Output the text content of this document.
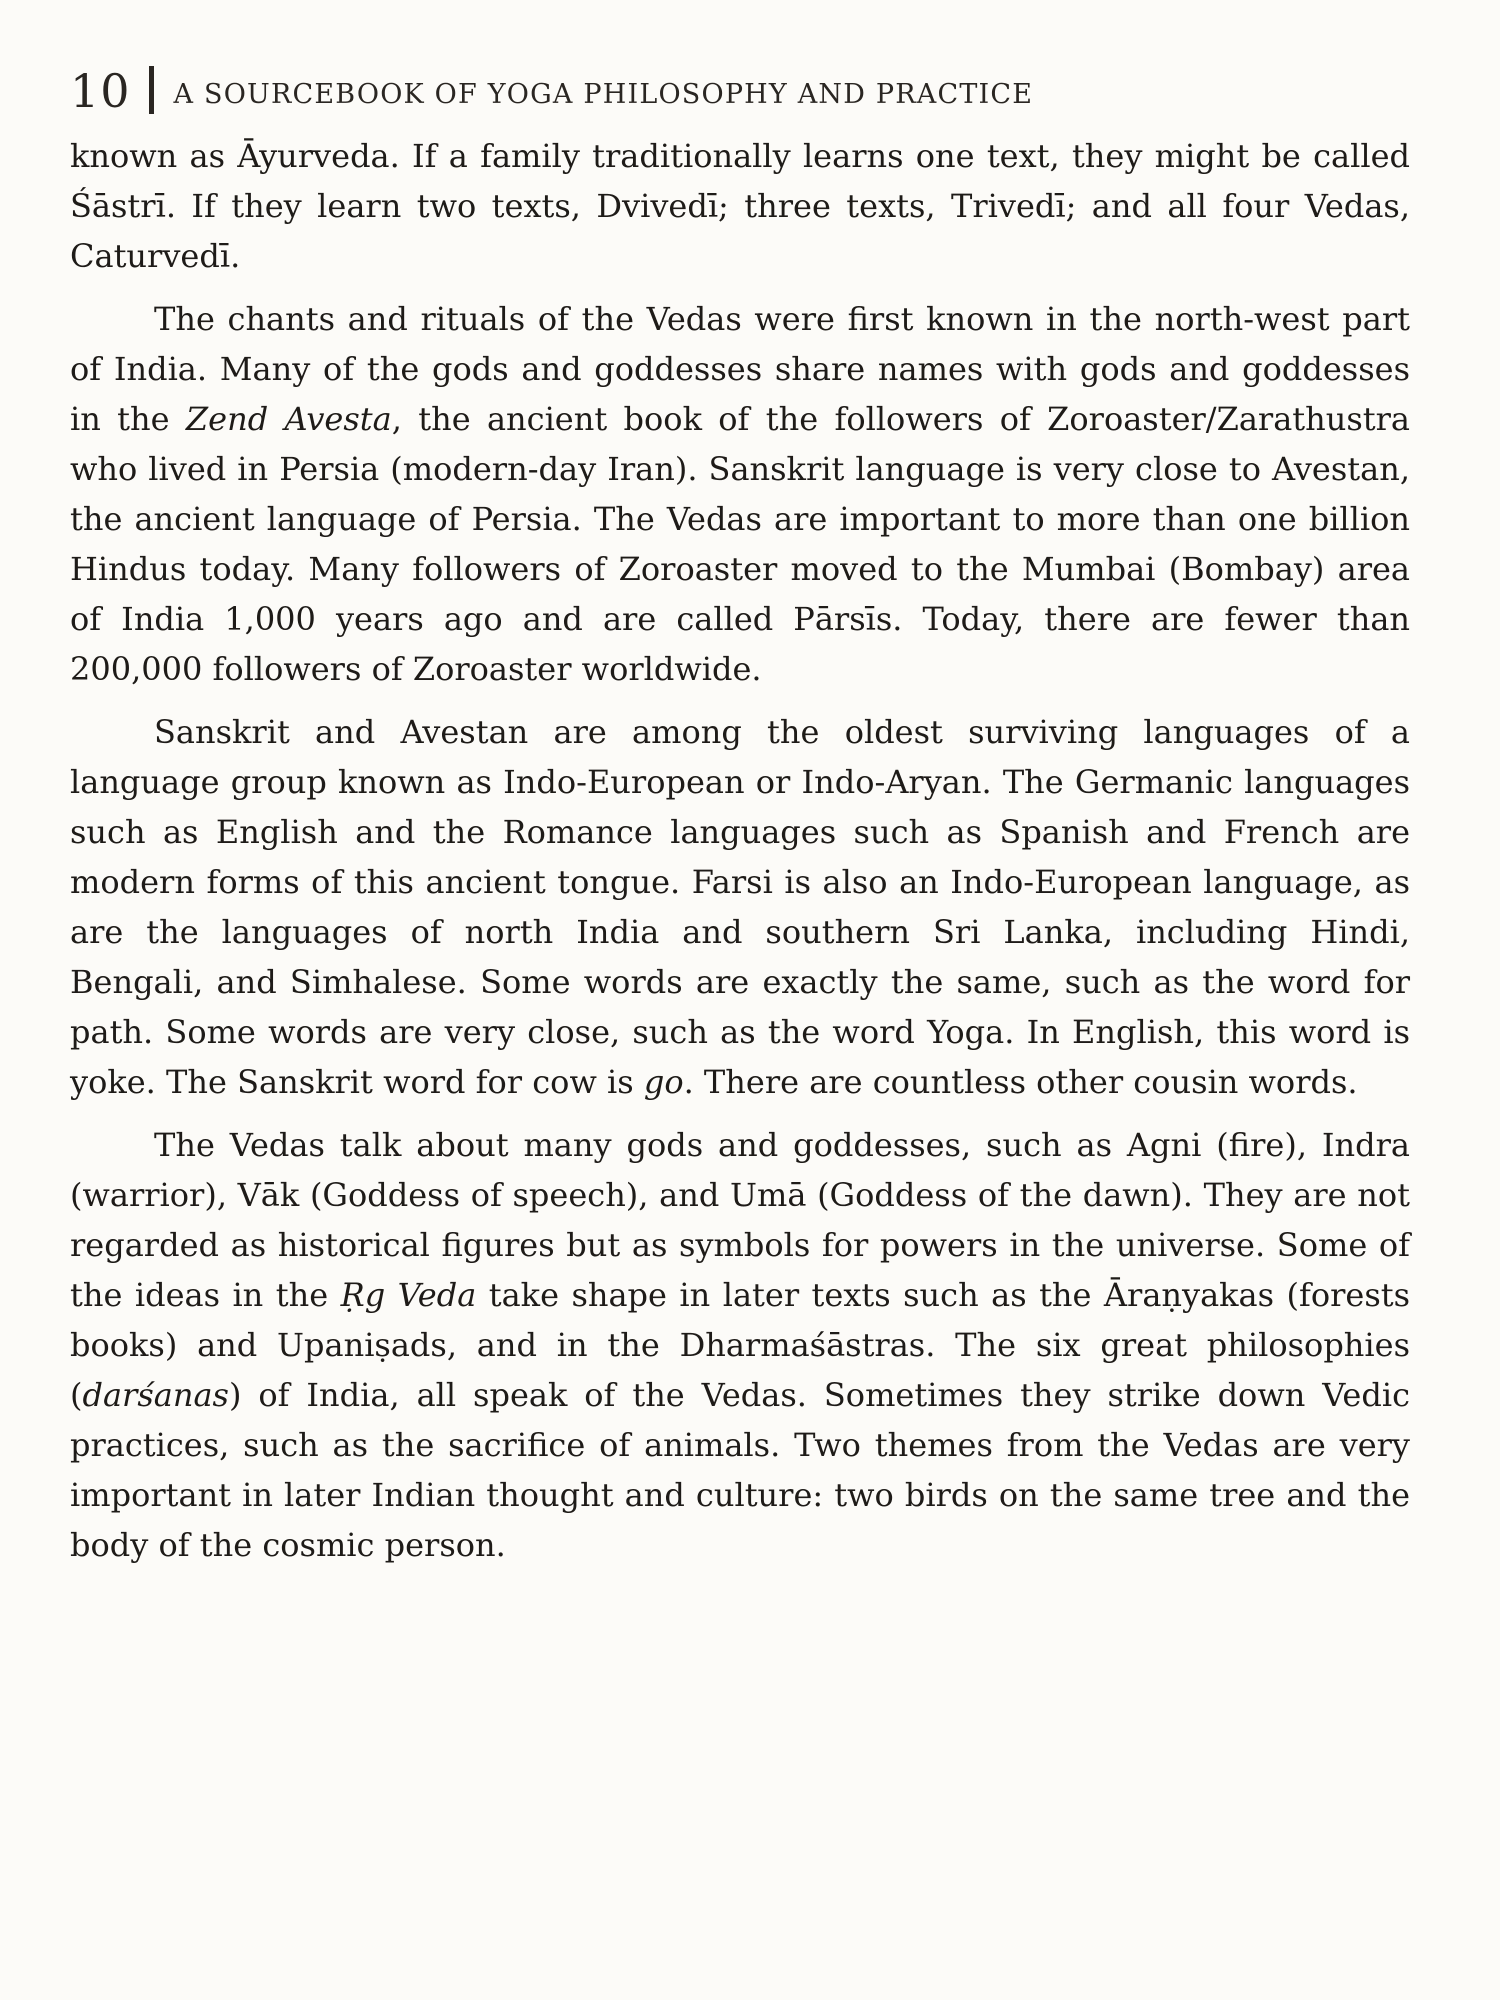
10 A SOURCEBOOK OF YOGA PHILOSOPHY AND PRACTICE

known as Āyurveda. If a family traditionally learns one text, they might be called Śāstrī. If they learn two texts, Dvivedī; three texts, Trivedī; and all four Vedas, Caturvedī.

The chants and rituals of the Vedas were first known in the north-west part of India. Many of the gods and goddesses share names with gods and goddesses in the Zend Avesta, the ancient book of the followers of Zoroaster/Zarathustra who lived in Persia (modern-day Iran). Sanskrit language is very close to Avestan, the ancient language of Persia. The Vedas are important to more than one billion Hindus today. Many followers of Zoroaster moved to the Mumbai (Bombay) area of India 1,000 years ago and are called Pārsīs. Today, there are fewer than 200,000 followers of Zoroaster worldwide.

Sanskrit and Avestan are among the oldest surviving languages of a language group known as Indo-European or Indo-Aryan. The Germanic languages such as English and the Romance languages such as Spanish and French are modern forms of this ancient tongue. Farsi is also an Indo-European language, as are the languages of north India and southern Sri Lanka, including Hindi, Bengali, and Simhalese. Some words are exactly the same, such as the word for path. Some words are very close, such as the word Yoga. In English, this word is yoke. The Sanskrit word for cow is go. There are countless other cousin words.

The Vedas talk about many gods and goddesses, such as Agni (fire), Indra (warrior), Vāk (Goddess of speech), and Umā (Goddess of the dawn). They are not regarded as historical figures but as symbols for powers in the universe. Some of the ideas in the Ṛg Veda take shape in later texts such as the Āraṇyakas (forests books) and Upaniṣads, and in the Dharmaśāstras. The six great philosophies (darśanas) of India, all speak of the Vedas. Sometimes they strike down Vedic practices, such as the sacrifice of animals. Two themes from the Vedas are very important in later Indian thought and culture: two birds on the same tree and the body of the cosmic person.
